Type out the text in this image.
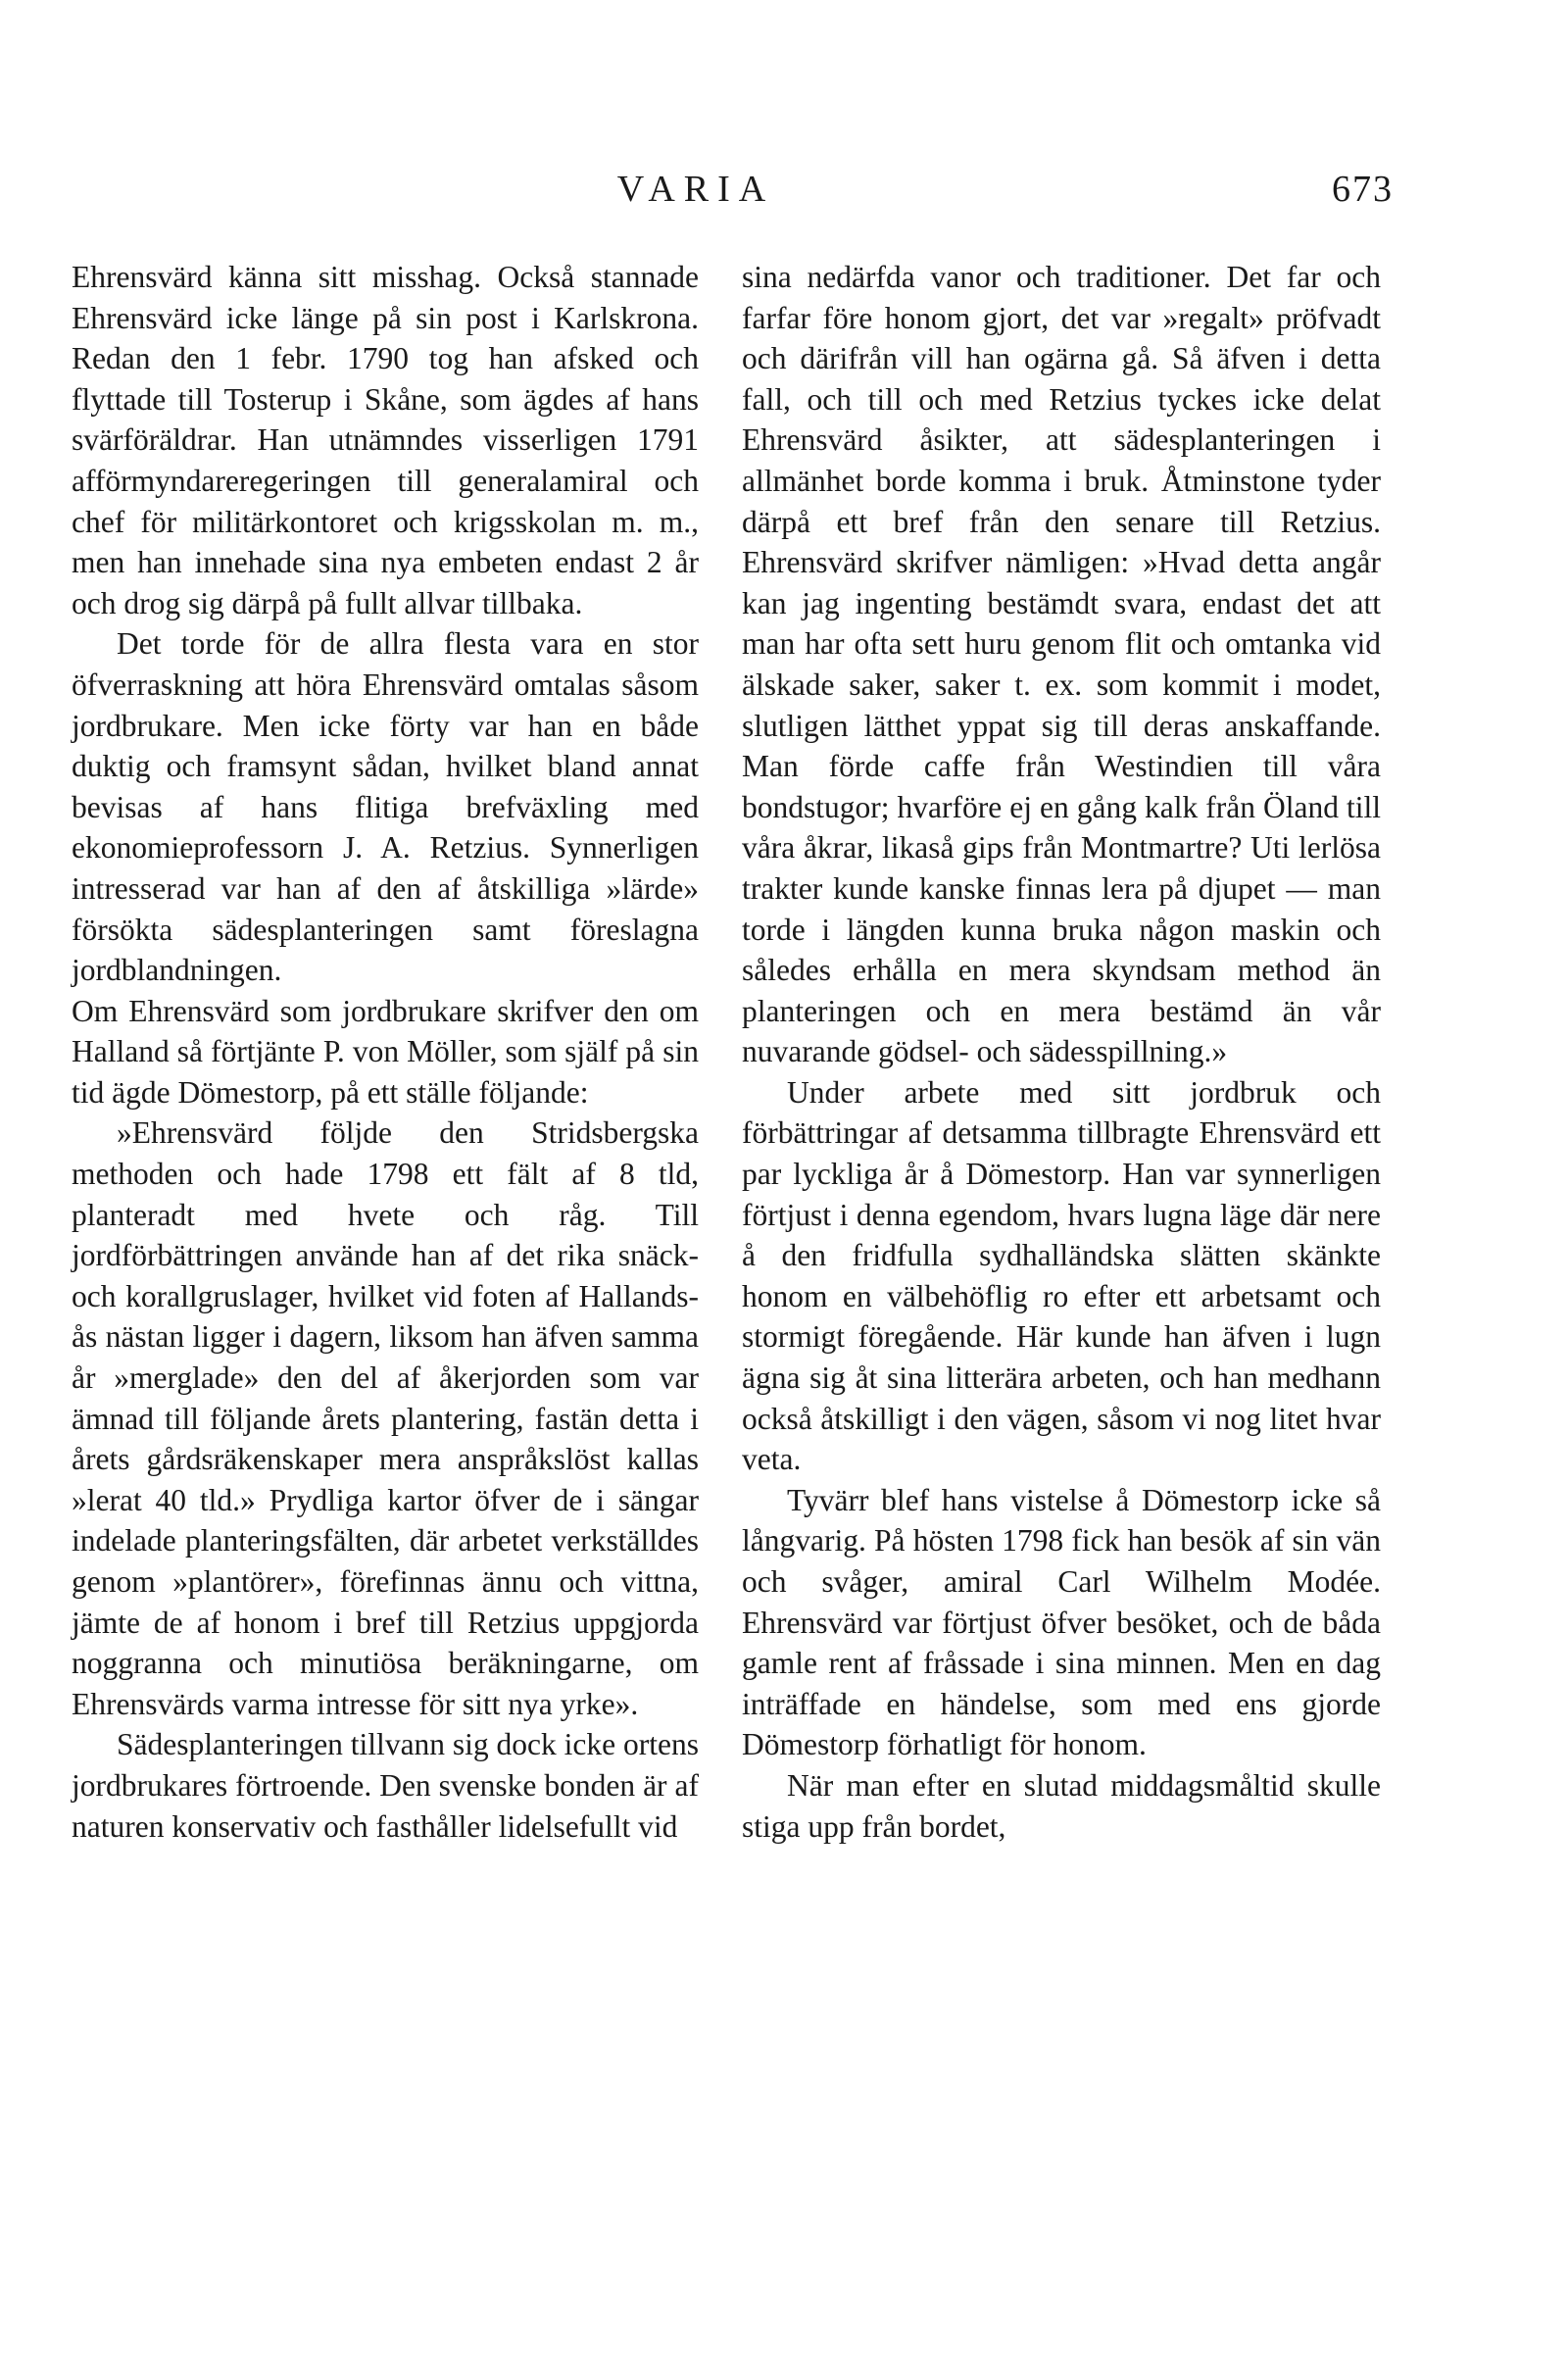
VARIA	673

Ehrensvärd känna sitt misshag. Också stannade Ehrensvärd icke länge på sin post i Karlskrona. Redan den 1 febr. 1790 tog han afsked och flyttade till Tosterup i Skåne, som ägdes af hans svärföräldrar. Han utnämndes visserligen 1791 afförmyndareregeringen till generalamiral och chef för militärkontoret och krigsskolan m. m., men han innehade sina nya embeten endast 2 år och drog sig därpå på fullt allvar tillbaka.

Det torde för de allra flesta vara en stor öfverraskning att höra Ehrensvärd omtalas såsom jordbrukare. Men icke förty var han en både duktig och framsynt sådan, hvilket bland annat bevisas af hans flitiga brefväxling med ekonomieprofessorn J. A. Retzius. Synnerligen intresserad var han af den af åtskilliga »lärde» försökta sädesplanteringen samt föreslagna jordblandningen.

Om Ehrensvärd som jordbrukare skrifver den om Halland så förtjänte P. von Möller, som själf på sin tid ägde Dömestorp, på ett ställe följande:

»Ehrensvärd följde den Stridsbergska methoden och hade 1798 ett fält af 8 tld, planteradt med hvete och råg. Till jordförbättringen använde han af det rika snäck- och korallgruslager, hvilket vid foten af Hallands-ås nästan ligger i dagern, liksom han äfven samma år »merglade» den del af åkerjorden som var ämnad till följande årets plantering, fastän detta i årets gårdsräkenskaper mera anspråkslöst kallas »lerat 40 tld.» Prydliga kartor öfver de i sängar indelade planteringsfälten, där arbetet verkställdes genom »plantörer», förefinnas ännu och vittna, jämte de af honom i bref till Retzius uppgjorda noggranna och minutiösa beräkningarne, om Ehrensvärds varma intresse för sitt nya yrke».

Sädesplanteringen tillvann sig dock icke ortens jordbrukares förtroende. Den svenske bonden är af naturen konservativ och fasthåller lidelsefullt vid

sina nedärfda vanor och traditioner. Det far och farfar före honom gjort, det var »regalt» pröfvadt och därifrån vill han ogärna gå. Så äfven i detta fall, och till och med Retzius tyckes icke delat Ehrensvärd åsikter, att sädesplanteringen i allmänhet borde komma i bruk. Åtminstone tyder därpå ett bref från den senare till Retzius. Ehrensvärd skrifver nämligen: »Hvad detta angår kan jag ingenting bestämdt svara, endast det att man har ofta sett huru genom flit och omtanka vid älskade saker, saker t. ex. som kommit i modet, slutligen lätthet yppat sig till deras anskaffande. Man förde caffe från Westindien till våra bondstugor; hvarföre ej en gång kalk från Öland till våra åkrar, likaså gips från Montmartre? Uti lerlösa trakter kunde kanske finnas lera på djupet — man torde i längden kunna bruka någon maskin och således erhålla en mera skyndsam method än planteringen och en mera bestämd än vår nuvarande gödsel- och sädesspillning.»

Under arbete med sitt jordbruk och förbättringar af detsamma tillbragte Ehrensvärd ett par lyckliga år å Dömestorp. Han var synnerligen förtjust i denna egendom, hvars lugna läge där nere å den fridfulla sydhalländska slätten skänkte honom en välbehöflig ro efter ett arbetsamt och stormigt föregående. Här kunde han äfven i lugn ägna sig åt sina litterära arbeten, och han medhann också åtskilligt i den vägen, såsom vi nog litet hvar veta.

Tyvärr blef hans vistelse å Dömestorp icke så långvarig. På hösten 1798 fick han besök af sin vän och svåger, amiral Carl Wilhelm Modée. Ehrensvärd var förtjust öfver besöket, och de båda gamle rent af fråssade i sina minnen. Men en dag inträffade en händelse, som med ens gjorde Dömestorp förhatligt för honom.

När man efter en slutad middagsmåltid skulle stiga upp från bordet,
